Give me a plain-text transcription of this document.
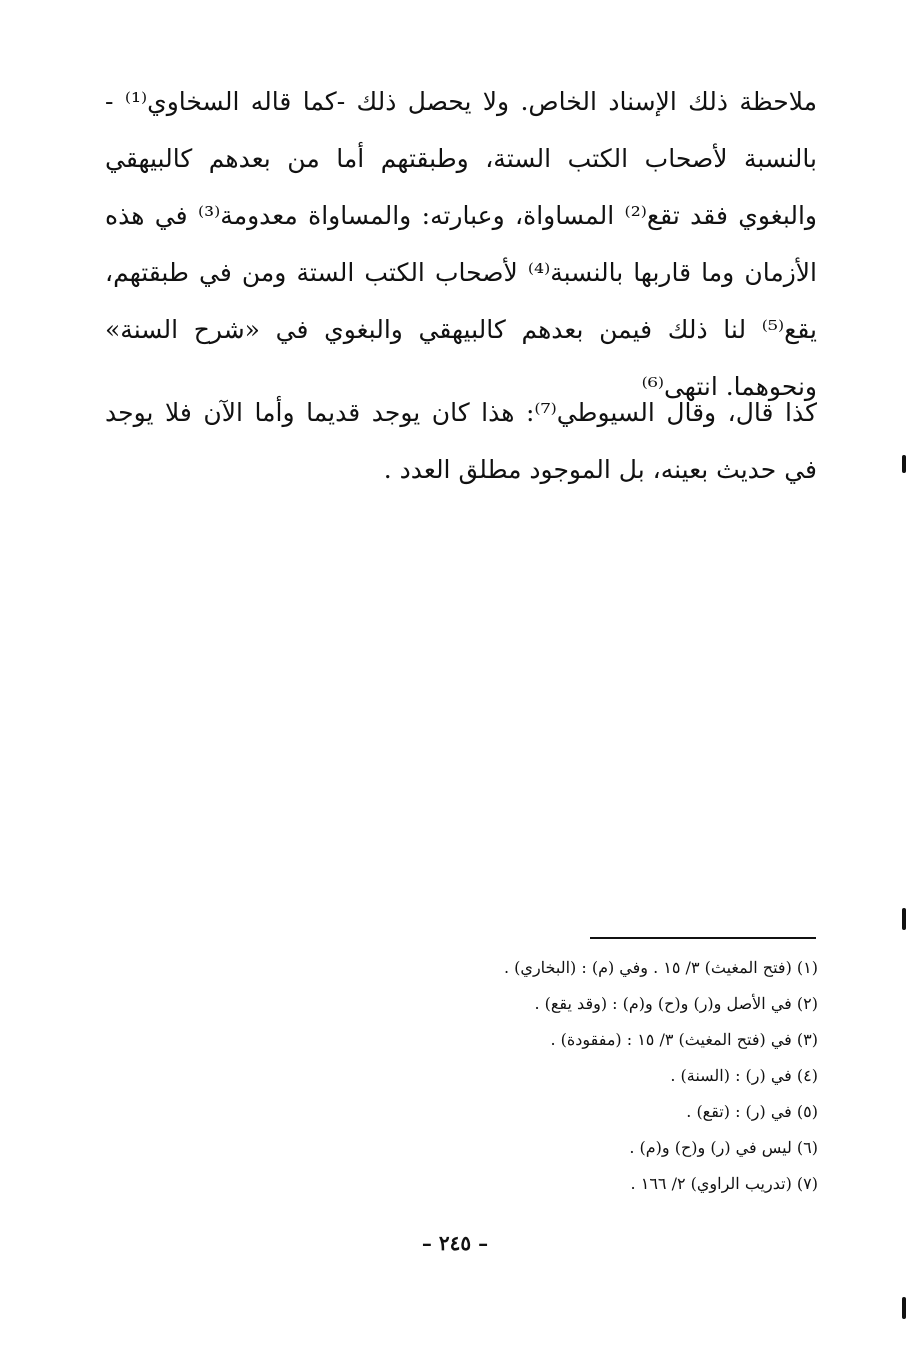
ملاحظة ذلك الإسناد الخاص. ولا يحصل ذلك -كما قاله السخاوي⁽¹⁾ -
بالنسبة لأصحاب الكتب الستة، وطبقتهم أما من بعدهم كالبيهقي
والبغوي فقد تقع⁽²⁾ المساواة، وعبارته: والمساواة معدومة⁽³⁾ في هذه
الأزمان وما قاربها بالنسبة⁽⁴⁾ لأصحاب الكتب الستة ومن في طبقتهم،
يقع⁽⁵⁾ لنا ذلك فيمن بعدهم كالبيهقي والبغوي في «شرح السنة»
ونحوهما. انتهى⁽⁶⁾
كذا قال، وقال السيوطي⁽⁷⁾: هذا كان يوجد قديما وأما الآن فلا يوجد
في حديث بعينه، بل الموجود مطلق العدد .
(١) (فتح المغيث) ٣/ ١٥ . وفي (م) : (البخاري) .
(٢) في الأصل و(ر) و(ح) و(م) : (وقد يقع) .
(٣) في (فتح المغيث) ٣/ ١٥ : (مفقودة) .
(٤) في (ر) : (السنة) .
(٥) في (ر) : (تقع) .
(٦) ليس في (ر) و(ح) و(م) .
(٧) (تدريب الراوي) ٢/ ١٦٦ .
– ٢٤٥ –
